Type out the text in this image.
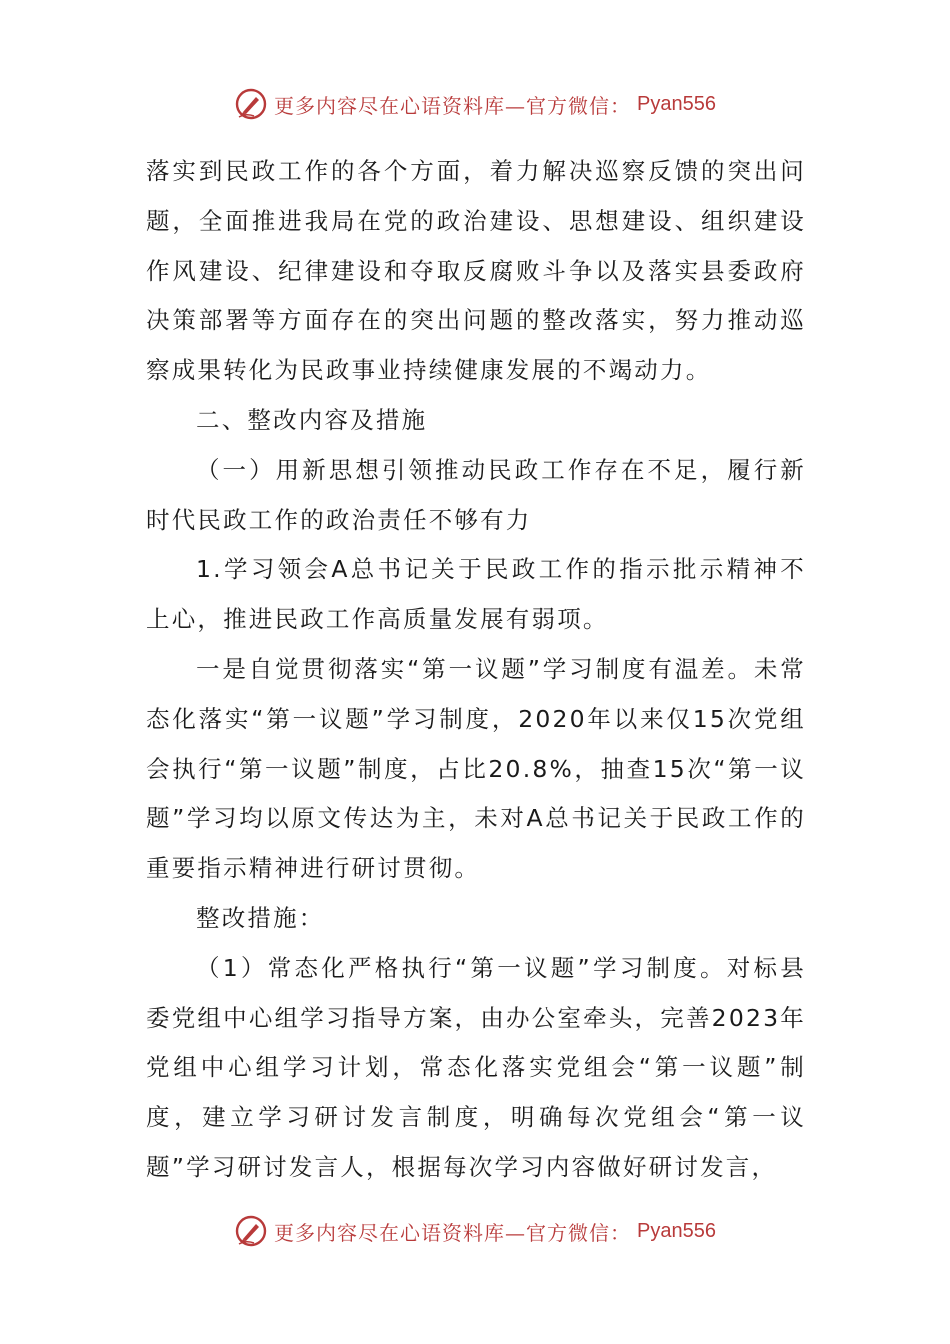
更多内容尽在心语资料库—官方微信： Pyan556

落实到民政工作的各个方面，着力解决巡察反馈的突出问题，全面推进我局在党的政治建设、思想建设、组织建设作风建设、纪律建设和夺取反腐败斗争以及落实县委政府决策部署等方面存在的突出问题的整改落实，努力推动巡察成果转化为民政事业持续健康发展的不竭动力。

二、整改内容及措施

（一）用新思想引领推动民政工作存在不足，履行新时代民政工作的政治责任不够有力

1.学习领会A总书记关于民政工作的指示批示精神不上心，推进民政工作高质量发展有弱项。

一是自觉贯彻落实“第一议题”学习制度有温差。未常态化落实“第一议题”学习制度，2020年以来仅15次党组会执行“第一议题”制度，占比20.8%，抽查15次“第一议题”学习均以原文传达为主，未对A总书记关于民政工作的重要指示精神进行研讨贯彻。

整改措施：

（1）常态化严格执行“第一议题”学习制度。对标县委党组中心组学习指导方案，由办公室牵头，完善2023年党组中心组学习计划，常态化落实党组会“第一议题”制度，建立学习研讨发言制度，明确每次党组会“第一议题”学习研讨发言人，根据每次学习内容做好研讨发言，

更多内容尽在心语资料库—官方微信： Pyan556
